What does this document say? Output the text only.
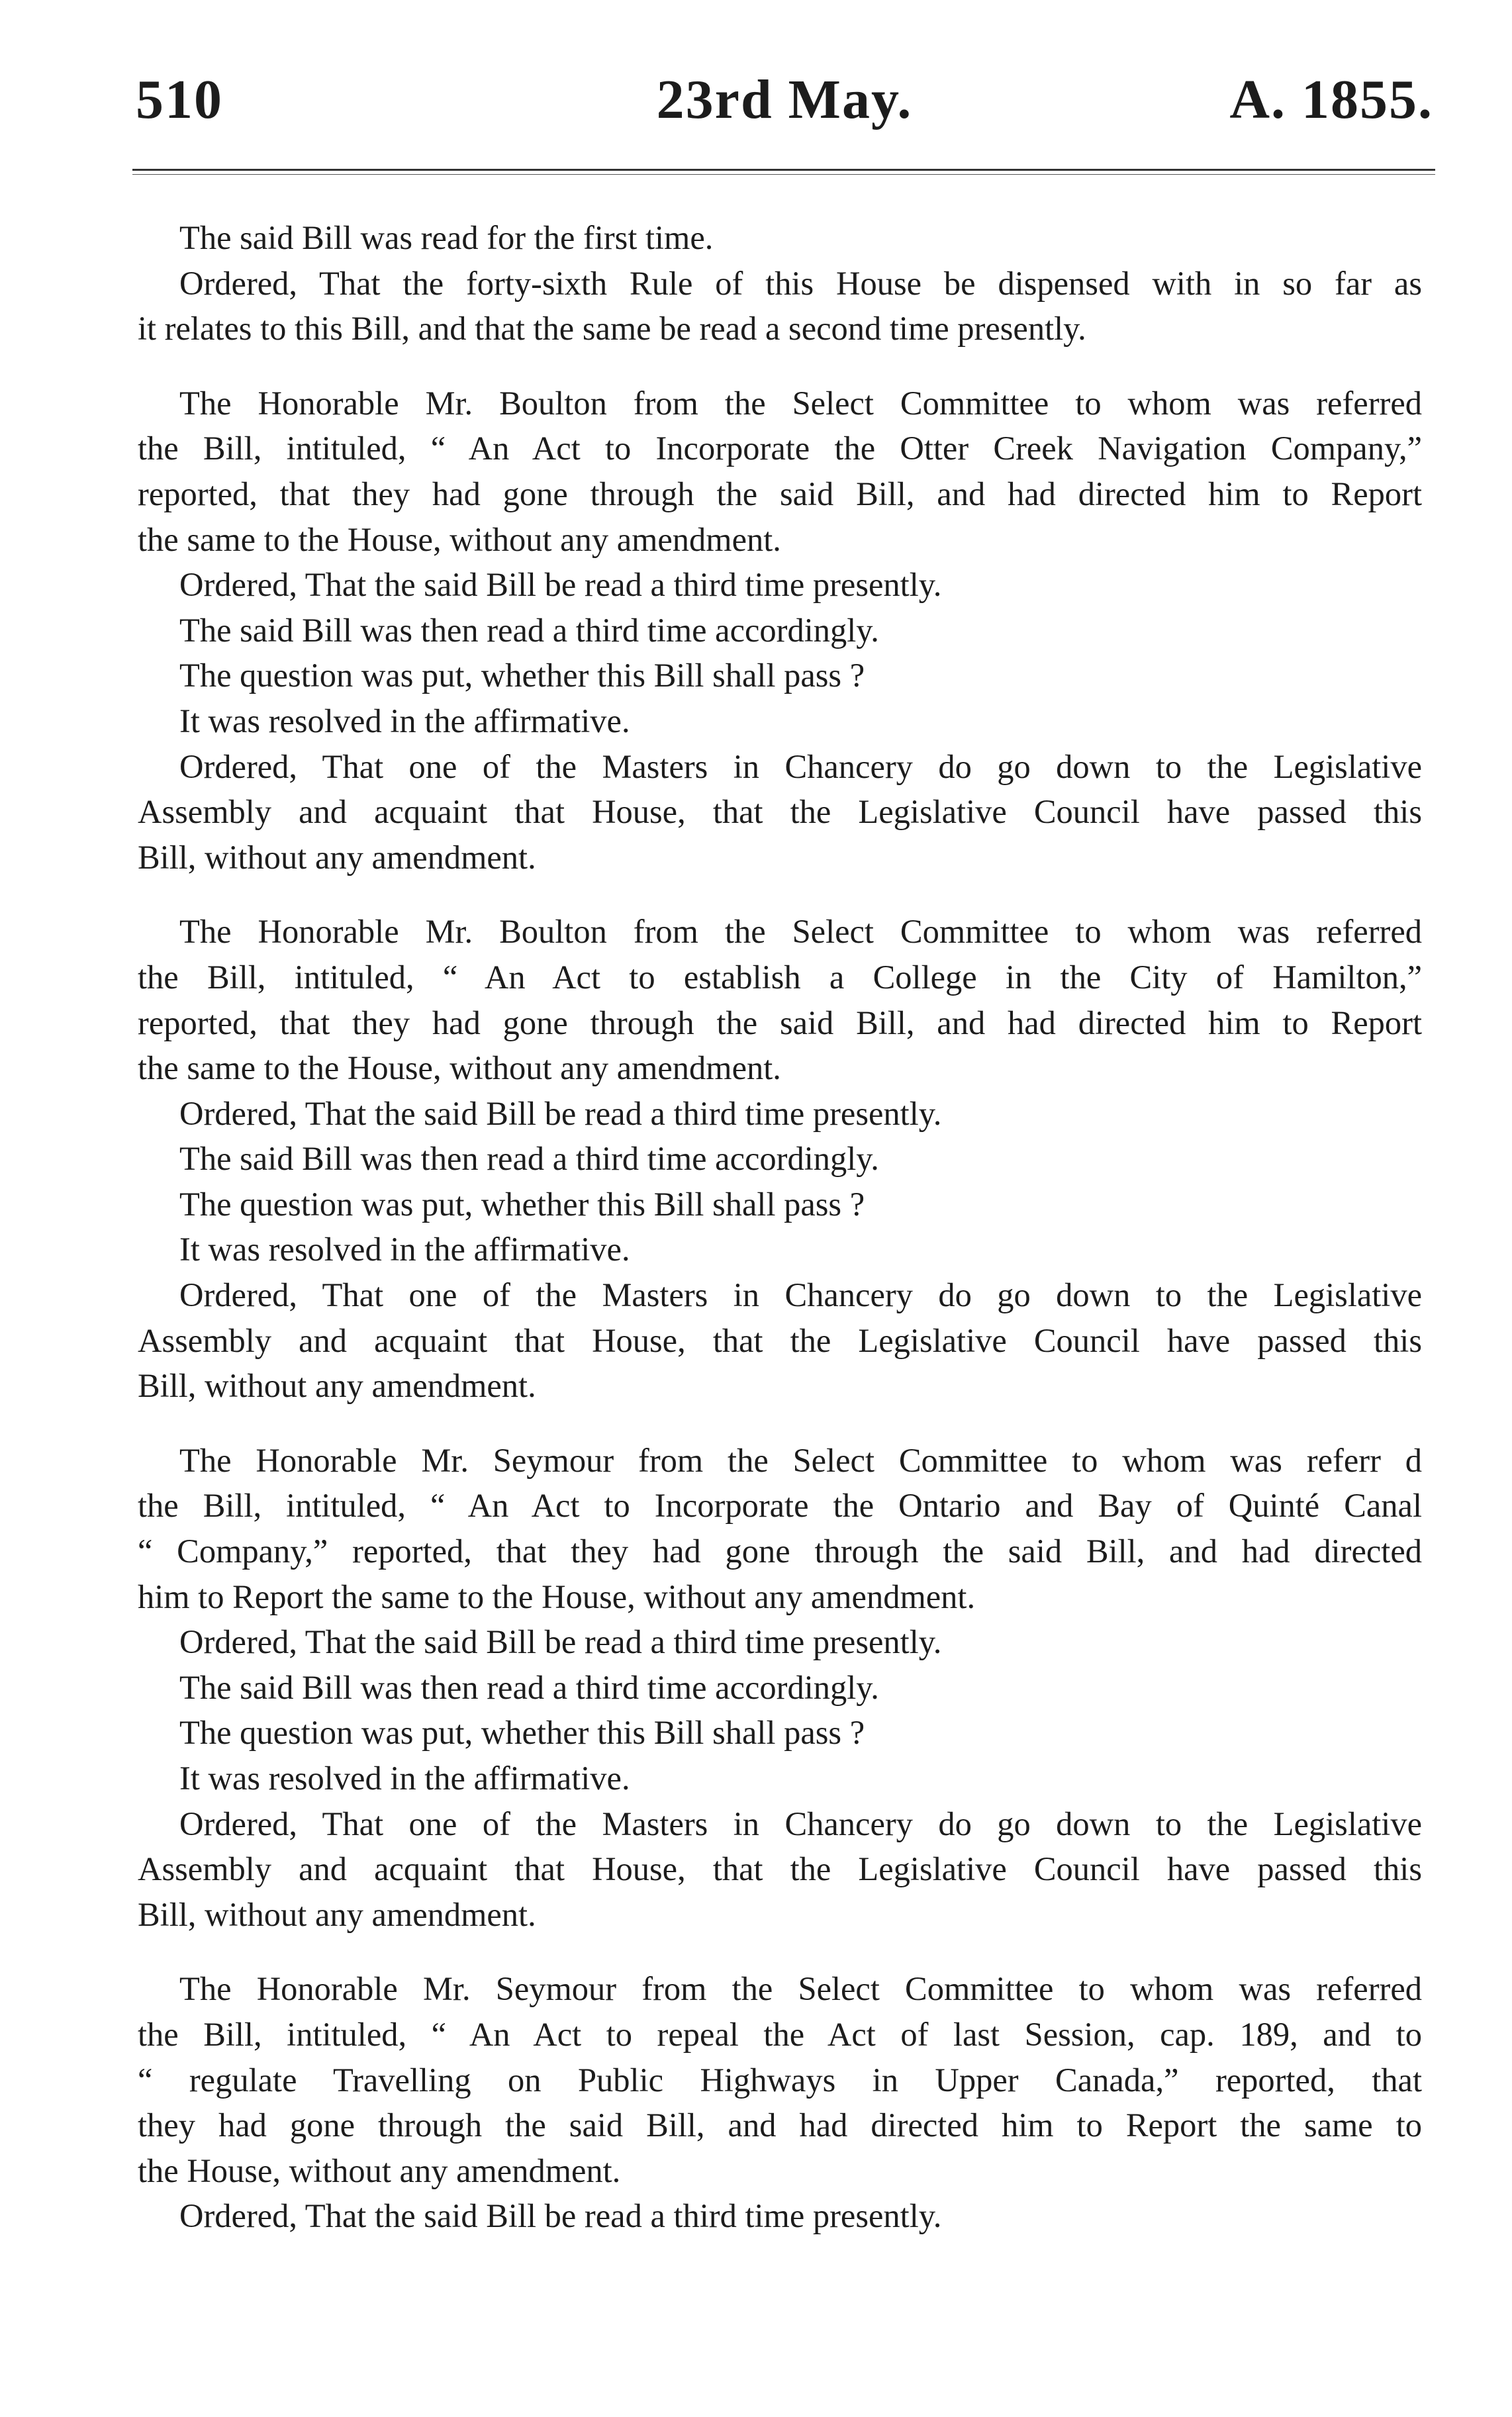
510	23rd May.	A. 1855.
The said Bill was read for the first time.
Ordered, That the forty-sixth Rule of this House be dispensed with in so far as
it relates to this Bill, and that the same be read a second time presently.
The Honorable Mr. Boulton from the Select Committee to whom was referred
the Bill, intituled, “ An Act to Incorporate the Otter Creek Navigation Company,”
reported, that they had gone through the said Bill, and had directed him to Report
the same to the House, without any amendment.
Ordered, That the said Bill be read a third time presently.
The said Bill was then read a third time accordingly.
The question was put, whether this Bill shall pass ?
It was resolved in the affirmative.
Ordered, That one of the Masters in Chancery do go down to the Legislative
Assembly and acquaint that House, that the Legislative Council have passed this
Bill, without any amendment.
The Honorable Mr. Boulton from the Select Committee to whom was referred
the Bill, intituled, “ An Act to establish a College in the City of Hamilton,”
reported, that they had gone through the said Bill, and had directed him to Report
the same to the House, without any amendment.
Ordered, That the said Bill be read a third time presently.
The said Bill was then read a third time accordingly.
The question was put, whether this Bill shall pass ?
It was resolved in the affirmative.
Ordered, That one of the Masters in Chancery do go down to the Legislative
Assembly and acquaint that House, that the Legislative Council have passed this
Bill, without any amendment.
The Honorable Mr. Seymour from the Select Committee to whom was referr d
the Bill, intituled, “ An Act to Incorporate the Ontario and Bay of Quinté Canal
“ Company,” reported, that they had gone through the said Bill, and had directed
him to Report the same to the House, without any amendment.
Ordered, That the said Bill be read a third time presently.
The said Bill was then read a third time accordingly.
The question was put, whether this Bill shall pass ?
It was resolved in the affirmative.
Ordered, That one of the Masters in Chancery do go down to the Legislative
Assembly and acquaint that House, that the Legislative Council have passed this
Bill, without any amendment.
The Honorable Mr. Seymour from the Select Committee to whom was referred
the Bill, intituled, “ An Act to repeal the Act of last Session, cap. 189, and to
“ regulate Travelling on Public Highways in Upper Canada,” reported, that
they had gone through the said Bill, and had directed him to Report the same to
the House, without any amendment.
Ordered, That the said Bill be read a third time presently.
